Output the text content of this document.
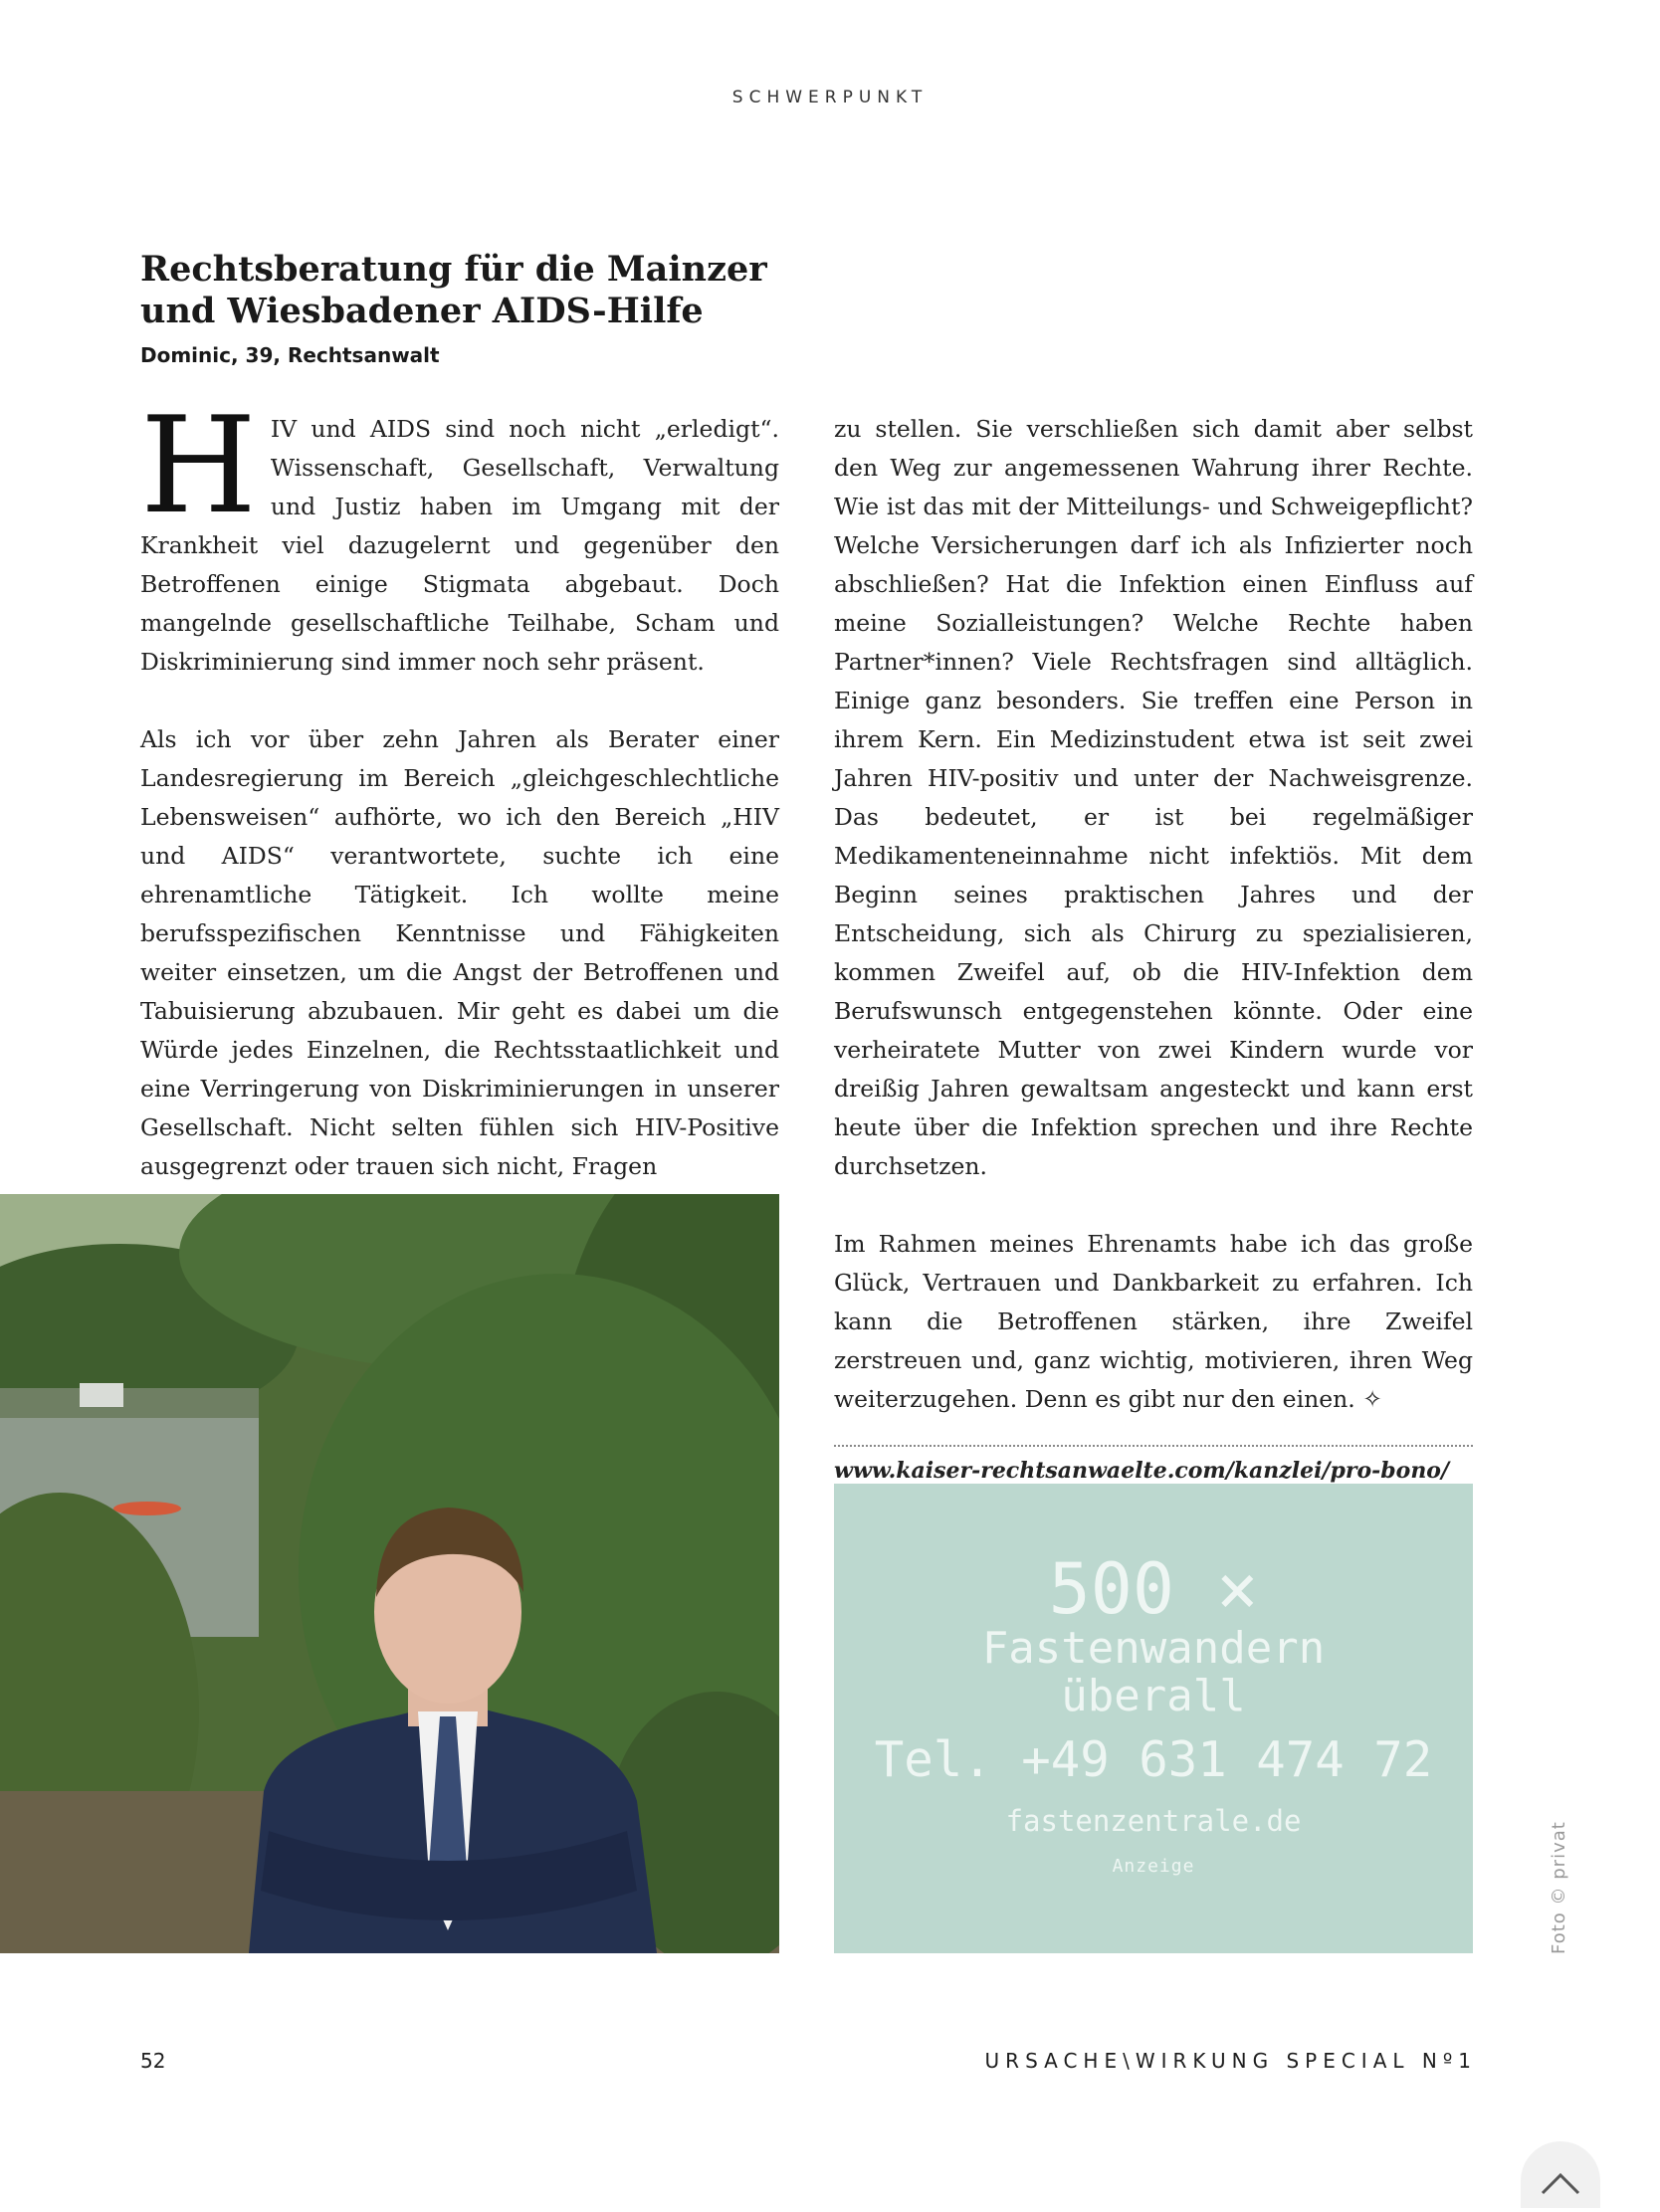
SCHWERPUNKT
Rechtsberatung für die Mainzer
und Wiesbadener AIDS-Hilfe
Dominic, 39, Rechtsanwalt

HIV und AIDS sind noch nicht „erledigt“. Wissenschaft, Gesellschaft, Verwaltung und Justiz haben im Umgang mit der Krankheit viel dazugelernt und gegenüber den Betroffenen einige Stigmata abgebaut. Doch mangelnde gesellschaftliche Teilhabe, Scham und Diskriminierung sind immer noch sehr präsent.

Als ich vor über zehn Jahren als Berater einer Landesregierung im Bereich „gleichgeschlechtliche Lebensweisen“ aufhörte, wo ich den Bereich „HIV und AIDS“ verantwortete, suchte ich eine ehrenamtliche Tätigkeit. Ich wollte meine berufsspezifischen Kenntnisse und Fähigkeiten weiter einsetzen, um die Angst der Betroffenen und Tabuisierung abzubauen. Mir geht es dabei um die Würde jedes Einzelnen, die Rechtsstaatlichkeit und eine Verringerung von Diskriminierungen in unserer Gesellschaft. Nicht selten fühlen sich HIV-Positive ausgegrenzt oder trauen sich nicht, Fragen

zu stellen. Sie verschließen sich damit aber selbst den Weg zur angemessenen Wahrung ihrer Rechte. Wie ist das mit der Mitteilungs- und Schweigepflicht? Welche Versicherungen darf ich als Infizierter noch abschließen? Hat die Infektion einen Einfluss auf meine Sozialleistungen? Welche Rechte haben Partner*innen? Viele Rechtsfragen sind alltäglich. Einige ganz besonders. Sie treffen eine Person in ihrem Kern. Ein Medizinstudent etwa ist seit zwei Jahren HIV-positiv und unter der Nachweisgrenze. Das bedeutet, er ist bei regelmäßiger Medikamenteneinnahme nicht infektiös. Mit dem Beginn seines praktischen Jahres und der Entscheidung, sich als Chirurg zu spezialisieren, kommen Zweifel auf, ob die HIV-Infektion dem Berufswunsch entgegenstehen könnte. Oder eine verheiratete Mutter von zwei Kindern wurde vor dreißig Jahren gewaltsam angesteckt und kann erst heute über die Infektion sprechen und ihre Rechte durchsetzen.

Im Rahmen meines Ehrenamts habe ich das große Glück, Vertrauen und Dankbarkeit zu erfahren. Ich kann die Betroffenen stärken, ihre Zweifel zerstreuen und, ganz wichtig, motivieren, ihren Weg weiterzugehen. Denn es gibt nur den einen. ✧

www.kaiser-rechtsanwaelte.com/kanzlei/pro-bono/

500 ×
Fastenwandern
überall
Tel. +49 631 474 72
fastenzentrale.de
Anzeige	Foto © privat
52	URSACHE\WIRKUNG SPECIAL Nº1
